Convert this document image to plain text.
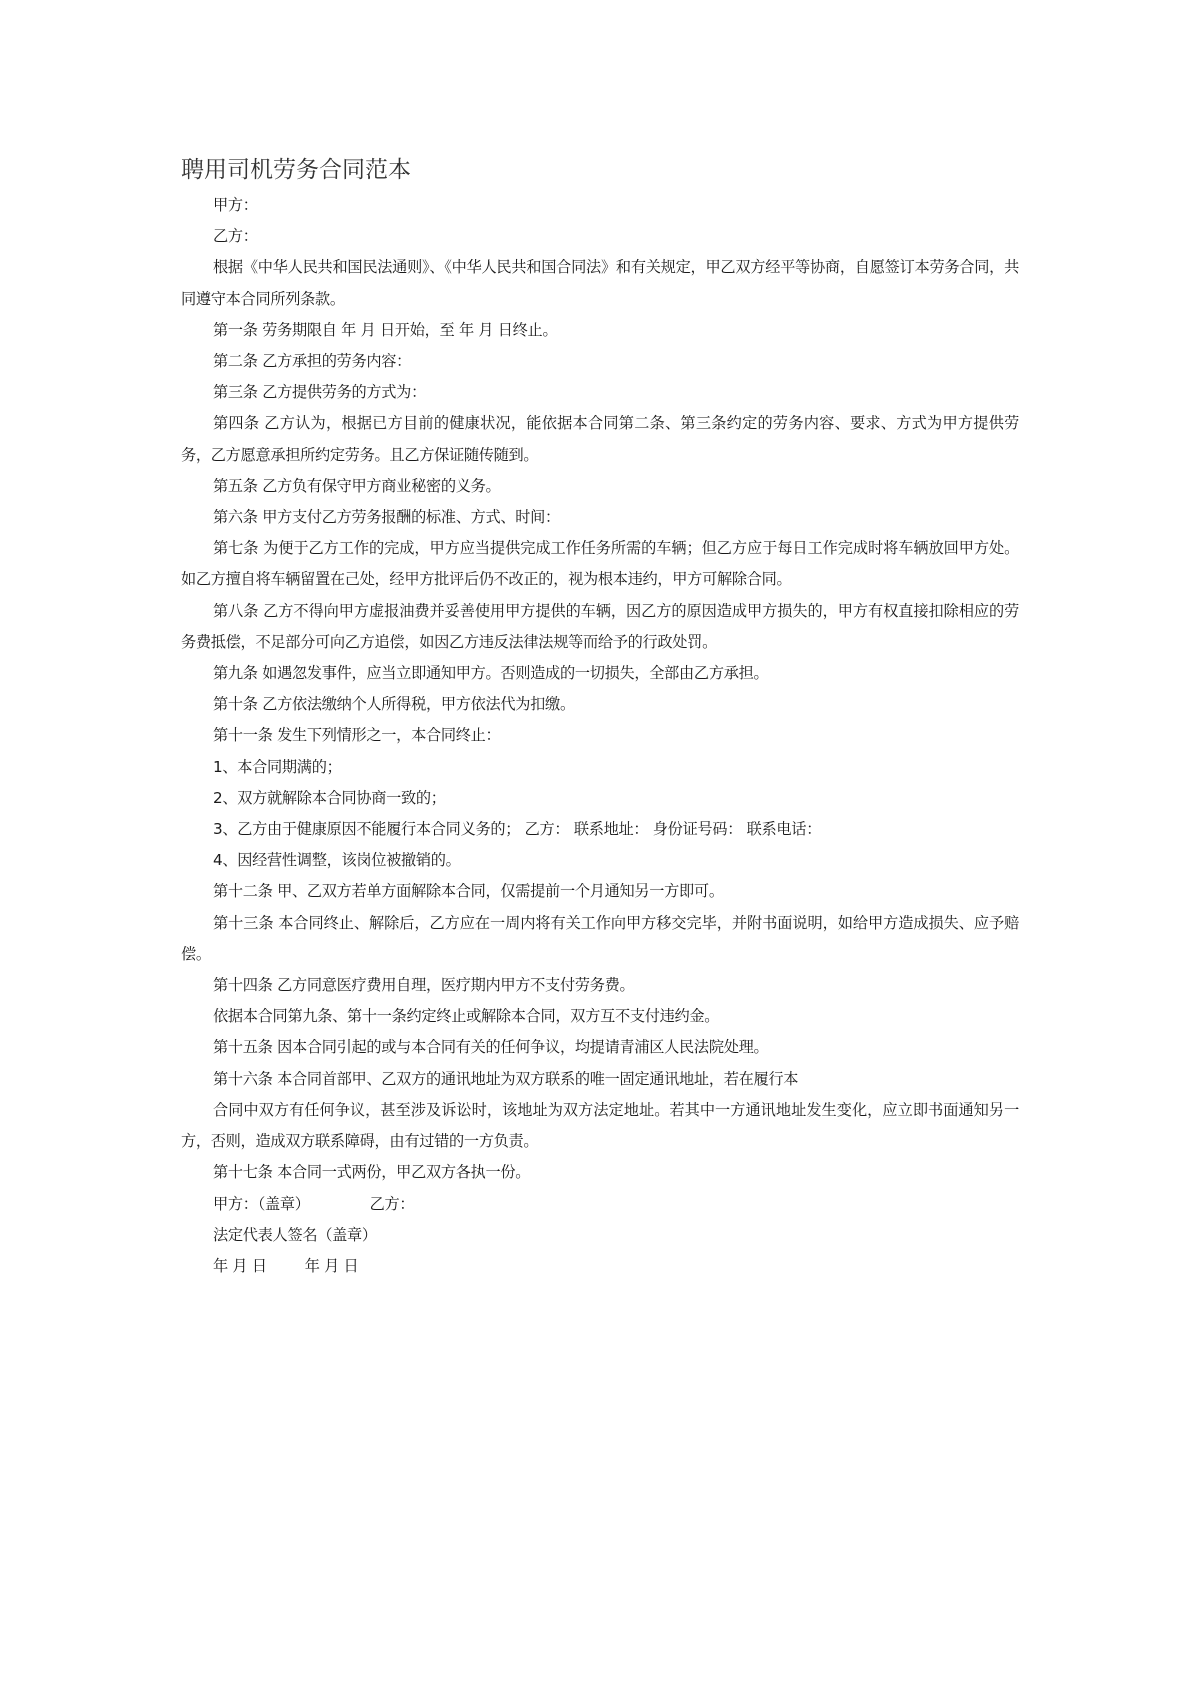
聘用司机劳务合同范本

甲方：

乙方：

根据《中华人民共和国民法通则》、《中华人民共和国合同法》和有关规定，甲乙双方经平等协商，自愿签订本劳务合同，共同遵守本合同所列条款。

第一条 劳务期限自 年 月 日开始，至 年 月 日终止。

第二条 乙方承担的劳务内容：

第三条 乙方提供劳务的方式为：

第四条 乙方认为，根据已方目前的健康状况，能依据本合同第二条、第三条约定的劳务内容、要求、方式为甲方提供劳务，乙方愿意承担所约定劳务。且乙方保证随传随到。

第五条 乙方负有保守甲方商业秘密的义务。

第六条 甲方支付乙方劳务报酬的标准、方式、时间：

第七条 为便于乙方工作的完成，甲方应当提供完成工作任务所需的车辆；但乙方应于每日工作完成时将车辆放回甲方处。如乙方擅自将车辆留置在己处，经甲方批评后仍不改正的，视为根本违约，甲方可解除合同。

第八条 乙方不得向甲方虚报油费并妥善使用甲方提供的车辆，因乙方的原因造成甲方损失的，甲方有权直接扣除相应的劳务费抵偿，不足部分可向乙方追偿，如因乙方违反法律法规等而给予的行政处罚。

第九条 如遇忽发事件，应当立即通知甲方。否则造成的一切损失，全部由乙方承担。

第十条 乙方依法缴纳个人所得税，甲方依法代为扣缴。

第十一条 发生下列情形之一，本合同终止：

1、本合同期满的；

2、双方就解除本合同协商一致的；

3、乙方由于健康原因不能履行本合同义务的； 乙方： 联系地址： 身份证号码： 联系电话：

4、因经营性调整，该岗位被撤销的。

第十二条 甲、乙双方若单方面解除本合同，仅需提前一个月通知另一方即可。

第十三条 本合同终止、解除后，乙方应在一周内将有关工作向甲方移交完毕，并附书面说明，如给甲方造成损失、应予赔偿。

第十四条 乙方同意医疗费用自理，医疗期内甲方不支付劳务费。

依据本合同第九条、第十一条约定终止或解除本合同，双方互不支付违约金。

第十五条 因本合同引起的或与本合同有关的任何争议，均提请青浦区人民法院处理。

第十六条 本合同首部甲、乙双方的通讯地址为双方联系的唯一固定通讯地址，若在履行本

合同中双方有任何争议，甚至涉及诉讼时，该地址为双方法定地址。若其中一方通讯地址发生变化，应立即书面通知另一方，否则，造成双方联系障碍，由有过错的一方负责。

第十七条 本合同一式两份，甲乙双方各执一份。

甲方：（盖章）	乙方：

法定代表人签名（盖章）

年 月 日	年 月 日
